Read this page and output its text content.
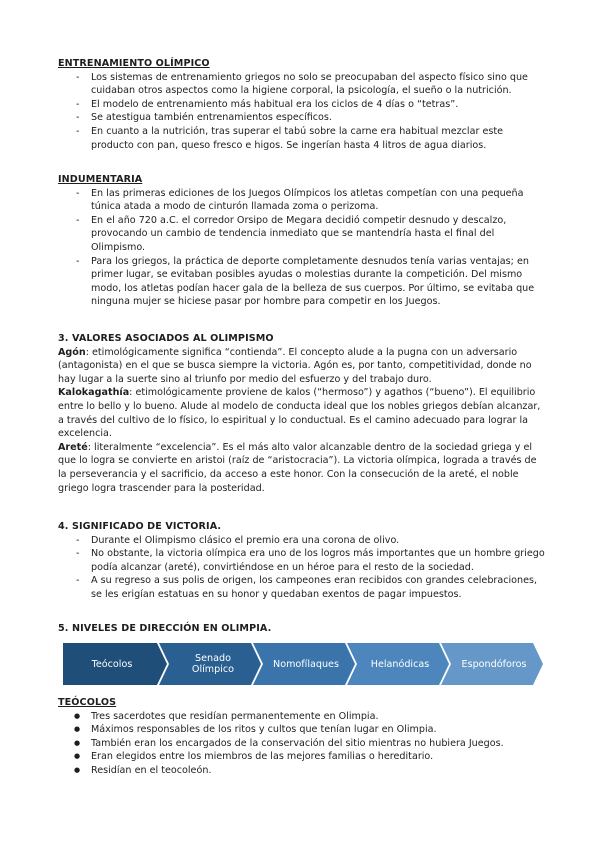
ENTRENAMIENTO OLÍMPICO
- Los sistemas de entrenamiento griegos no solo se preocupaban del aspecto físico sino que cuidaban otros aspectos como la higiene corporal, la psicología, el sueño o la nutrición.
- El modelo de entrenamiento más habitual era los ciclos de 4 días o “tetras”.
- Se atestigua también entrenamientos específicos.
- En cuanto a la nutrición, tras superar el tabú sobre la carne era habitual mezclar este producto con pan, queso fresco e higos. Se ingerían hasta 4 litros de agua diarios.
INDUMENTARIA
- En las primeras ediciones de los Juegos Olímpicos los atletas competían con una pequeña túnica atada a modo de cinturón llamada zoma o perizoma.
- En el año 720 a.C. el corredor Orsipo de Megara decidió competir desnudo y descalzo, provocando un cambio de tendencia inmediato que se mantendría hasta el final del Olimpismo.
- Para los griegos, la práctica de deporte completamente desnudos tenía varias ventajas; en primer lugar, se evitaban posibles ayudas o molestias durante la competición. Del mismo modo, los atletas podían hacer gala de la belleza de sus cuerpos. Por último, se evitaba que ninguna mujer se hiciese pasar por hombre para competir en los Juegos.
3. VALORES ASOCIADOS AL OLIMPISMO

Agón: etimológicamente significa “contienda”. El concepto alude a la pugna con un adversario (antagonista) en el que se busca siempre la victoria. Agón es, por tanto, competitividad, donde no hay lugar a la suerte sino al triunfo por medio del esfuerzo y del trabajo duro.

Kalokagathía: etimológicamente proviene de kalos (“hermoso”) y agathos (“bueno”). El equilibrio entre lo bello y lo bueno. Alude al modelo de conducta ideal que los nobles griegos debían alcanzar, a través del cultivo de lo físico, lo espiritual y lo conductual. Es el camino adecuado para lograr la excelencia.

Areté: literalmente “excelencia”. Es el más alto valor alcanzable dentro de la sociedad griega y el que lo logra se convierte en aristoi (raíz de “aristocracia”). La victoria olímpica, lograda a través de la perseverancia y el sacrificio, da acceso a este honor. Con la consecución de la areté, el noble griego logra trascender para la posteridad.

4. SIGNIFICADO DE VICTORIA.
- Durante el Olimpismo clásico el premio era una corona de olivo.
- No obstante, la victoria olímpica era uno de los logros más importantes que un hombre griego podía alcanzar (areté), convirtiéndose en un héroe para el resto de la sociedad.
- A su regreso a sus polis de origen, los campeones eran recibidos con grandes celebraciones, se les erigían estatuas en su honor y quedaban exentos de pagar impuestos.
5. NIVELES DE DIRECCIÓN EN OLIMPIA.
Teócolos	Senado Olímpico	Nomofílaques	Helanódicas	Espondóforos
TEÓCOLOS
● Tres sacerdotes que residían permanentemente en Olimpia.
● Máximos responsables de los ritos y cultos que tenían lugar en Olimpia.
● También eran los encargados de la conservación del sitio mientras no hubiera Juegos.
● Eran elegidos entre los miembros de las mejores familias o hereditario.
● Residían en el teocoleón.
